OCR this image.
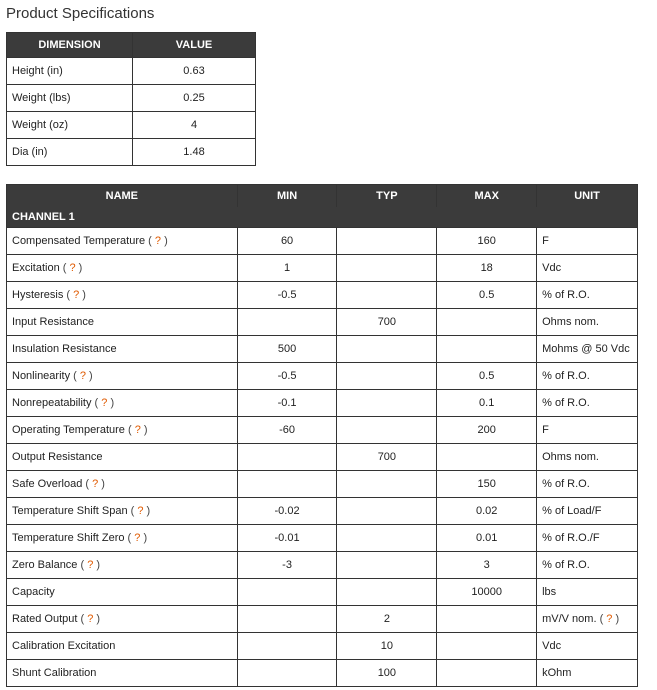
Product Specifications
DIMENSION	VALUE
Height (in)	0.63
Weight (lbs)	0.25
Weight (oz)	4
Dia (in)	1.48
NAME	MIN	TYP	MAX	UNIT
CHANNEL 1				
Compensated Temperature ( ? )	60		160	F
Excitation ( ? )	1		18	Vdc
Hysteresis ( ? )	-0.5		0.5	% of R.O.
Input Resistance		700		Ohms nom.
Insulation Resistance	500			Mohms @ 50 Vdc
Nonlinearity ( ? )	-0.5		0.5	% of R.O.
Nonrepeatability ( ? )	-0.1		0.1	% of R.O.
Operating Temperature ( ? )	-60		200	F
Output Resistance		700		Ohms nom.
Safe Overload ( ? )			150	% of R.O.
Temperature Shift Span ( ? )	-0.02		0.02	% of Load/F
Temperature Shift Zero ( ? )	-0.01		0.01	% of R.O./F
Zero Balance ( ? )	-3		3	% of R.O.
Capacity			10000	lbs
Rated Output ( ? )		2		mV/V nom. ( ? )
Calibration Excitation		10		Vdc
Shunt Calibration		100		kOhm
